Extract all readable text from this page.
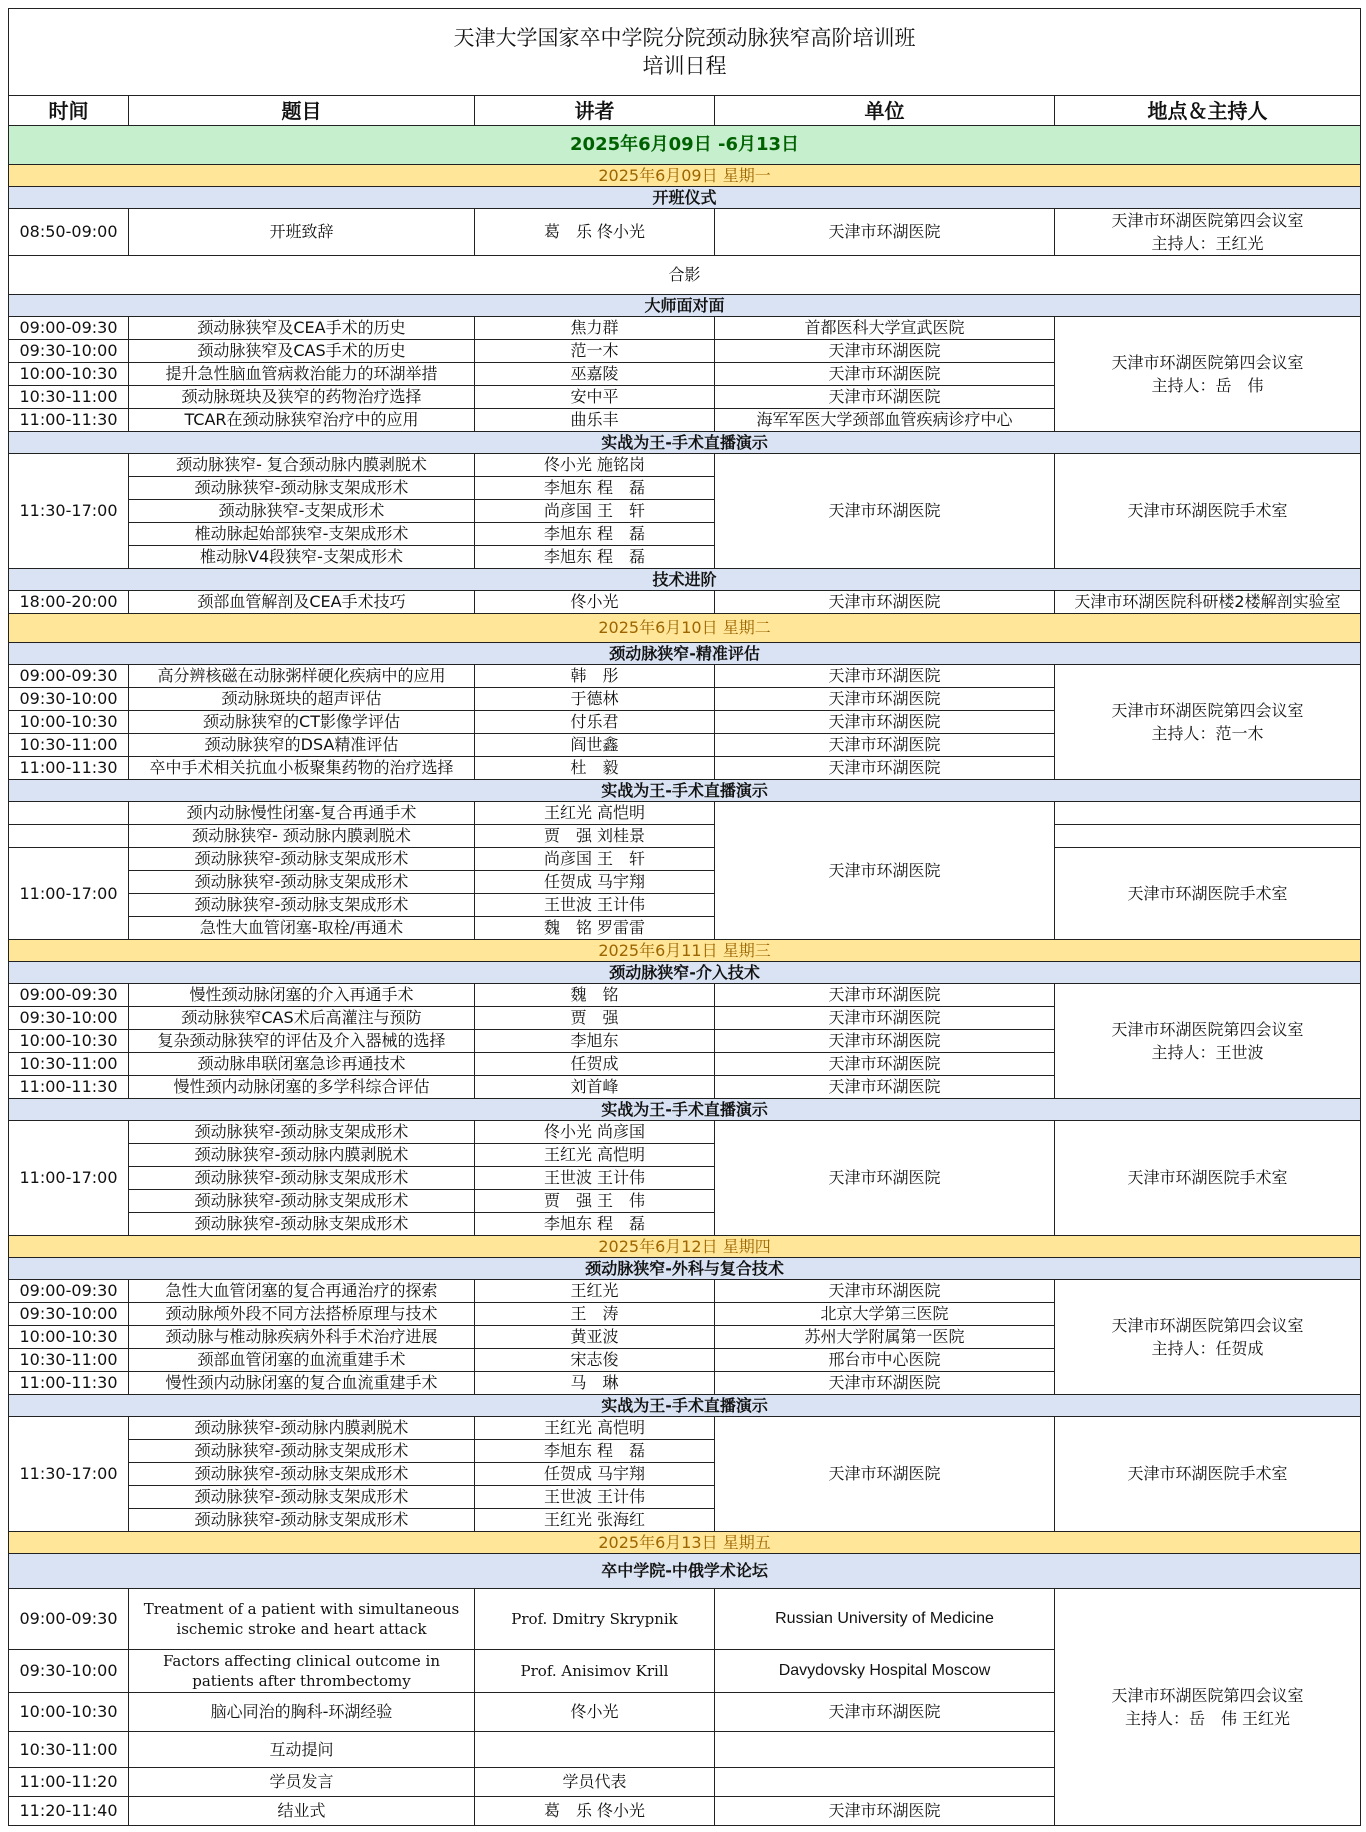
天津大学国家卒中学院分院颈动脉狭窄高阶培训班
培训日程				
时间	题目	讲者	单位	地点＆主持人
2025年6月09日 -6月13日				
2025年6月09日 星期一				
开班仪式				
08:50-09:00	开班致辞	葛　乐 佟小光	天津市环湖医院	天津市环湖医院第四会议室
主持人：王红光
合影				
大师面对面				
09:00-09:30	颈动脉狭窄及CEA手术的历史	焦力群	首都医科大学宣武医院	天津市环湖医院第四会议室
主持人：岳　伟
09:30-10:00	颈动脉狭窄及CAS手术的历史	范一木	天津市环湖医院	
10:00-10:30	提升急性脑血管病救治能力的环湖举措	巫嘉陵	天津市环湖医院	
10:30-11:00	颈动脉斑块及狭窄的药物治疗选择	安中平	天津市环湖医院	
11:00-11:30	TCAR在颈动脉狭窄治疗中的应用	曲乐丰	海军军医大学颈部血管疾病诊疗中心	
实战为王-手术直播演示				
11:30-17:00	颈动脉狭窄- 复合颈动脉内膜剥脱术	佟小光 施铭岗	天津市环湖医院	天津市环湖医院手术室
	颈动脉狭窄-颈动脉支架成形术	李旭东 程　磊		
	颈动脉狭窄-支架成形术	尚彦国 王　轩		
	椎动脉起始部狭窄-支架成形术	李旭东 程　磊		
	椎动脉V4段狭窄-支架成形术	李旭东 程　磊		
技术进阶				
18:00-20:00	颈部血管解剖及CEA手术技巧	佟小光	天津市环湖医院	天津市环湖医院科研楼2楼解剖实验室
2025年6月10日 星期二				
颈动脉狭窄-精准评估				
09:00-09:30	高分辨核磁在动脉粥样硬化疾病中的应用	韩　彤	天津市环湖医院	天津市环湖医院第四会议室
主持人：范一木
09:30-10:00	颈动脉斑块的超声评估	于德林	天津市环湖医院	
10:00-10:30	颈动脉狭窄的CT影像学评估	付乐君	天津市环湖医院	
10:30-11:00	颈动脉狭窄的DSA精准评估	阎世鑫	天津市环湖医院	
11:00-11:30	卒中手术相关抗血小板聚集药物的治疗选择	杜　毅	天津市环湖医院	
实战为王-手术直播演示				
	颈内动脉慢性闭塞-复合再通手术	王红光 高恺明	天津市环湖医院	
	颈动脉狭窄- 颈动脉内膜剥脱术	贾　强 刘桂景		
11:00-17:00	颈动脉狭窄-颈动脉支架成形术	尚彦国 王　轩		天津市环湖医院手术室
	颈动脉狭窄-颈动脉支架成形术	任贺成 马宇翔		
	颈动脉狭窄-颈动脉支架成形术	王世波 王计伟		
	急性大血管闭塞-取栓/再通术	魏　铭 罗雷雷		
2025年6月11日 星期三				
颈动脉狭窄-介入技术				
09:00-09:30	慢性颈动脉闭塞的介入再通手术	魏　铭	天津市环湖医院	天津市环湖医院第四会议室
主持人：王世波
09:30-10:00	颈动脉狭窄CAS术后高灌注与预防	贾　强	天津市环湖医院	
10:00-10:30	复杂颈动脉狭窄的评估及介入器械的选择	李旭东	天津市环湖医院	
10:30-11:00	颈动脉串联闭塞急诊再通技术	任贺成	天津市环湖医院	
11:00-11:30	慢性颈内动脉闭塞的多学科综合评估	刘首峰	天津市环湖医院	
实战为王-手术直播演示				
11:00-17:00	颈动脉狭窄-颈动脉支架成形术	佟小光 尚彦国	天津市环湖医院	天津市环湖医院手术室
	颈动脉狭窄-颈动脉内膜剥脱术	王红光 高恺明		
	颈动脉狭窄-颈动脉支架成形术	王世波 王计伟		
	颈动脉狭窄-颈动脉支架成形术	贾　强 王　伟		
	颈动脉狭窄-颈动脉支架成形术	李旭东 程　磊		
2025年6月12日 星期四				
颈动脉狭窄-外科与复合技术				
09:00-09:30	急性大血管闭塞的复合再通治疗的探索	王红光	天津市环湖医院	天津市环湖医院第四会议室
主持人：任贺成
09:30-10:00	颈动脉颅外段不同方法搭桥原理与技术	王　涛	北京大学第三医院	
10:00-10:30	颈动脉与椎动脉疾病外科手术治疗进展	黄亚波	苏州大学附属第一医院	
10:30-11:00	颈部血管闭塞的血流重建手术	宋志俊	邢台市中心医院	
11:00-11:30	慢性颈内动脉闭塞的复合血流重建手术	马　琳	天津市环湖医院	
实战为王-手术直播演示				
11:30-17:00	颈动脉狭窄-颈动脉内膜剥脱术	王红光 高恺明	天津市环湖医院	天津市环湖医院手术室
	颈动脉狭窄-颈动脉支架成形术	李旭东 程　磊		
	颈动脉狭窄-颈动脉支架成形术	任贺成 马宇翔		
	颈动脉狭窄-颈动脉支架成形术	王世波 王计伟		
	颈动脉狭窄-颈动脉支架成形术	王红光 张海红		
2025年6月13日 星期五				
卒中学院-中俄学术论坛				
09:00-09:30	Treatment of a patient with simultaneous ischemic stroke and heart attack	Prof. Dmitry Skrypnik	Russian University of Medicine	天津市环湖医院第四会议室
主持人：岳　伟 王红光
09:30-10:00	Factors affecting clinical outcome in patients after thrombectomy	Prof. Anisimov Krill	Davydovsky Hospital Moscow	
10:00-10:30	脑心同治的胸科-环湖经验	佟小光	天津市环湖医院	
10:30-11:00	互动提问			
11:00-11:20	学员发言	学员代表		
11:20-11:40	结业式	葛　乐 佟小光	天津市环湖医院	
